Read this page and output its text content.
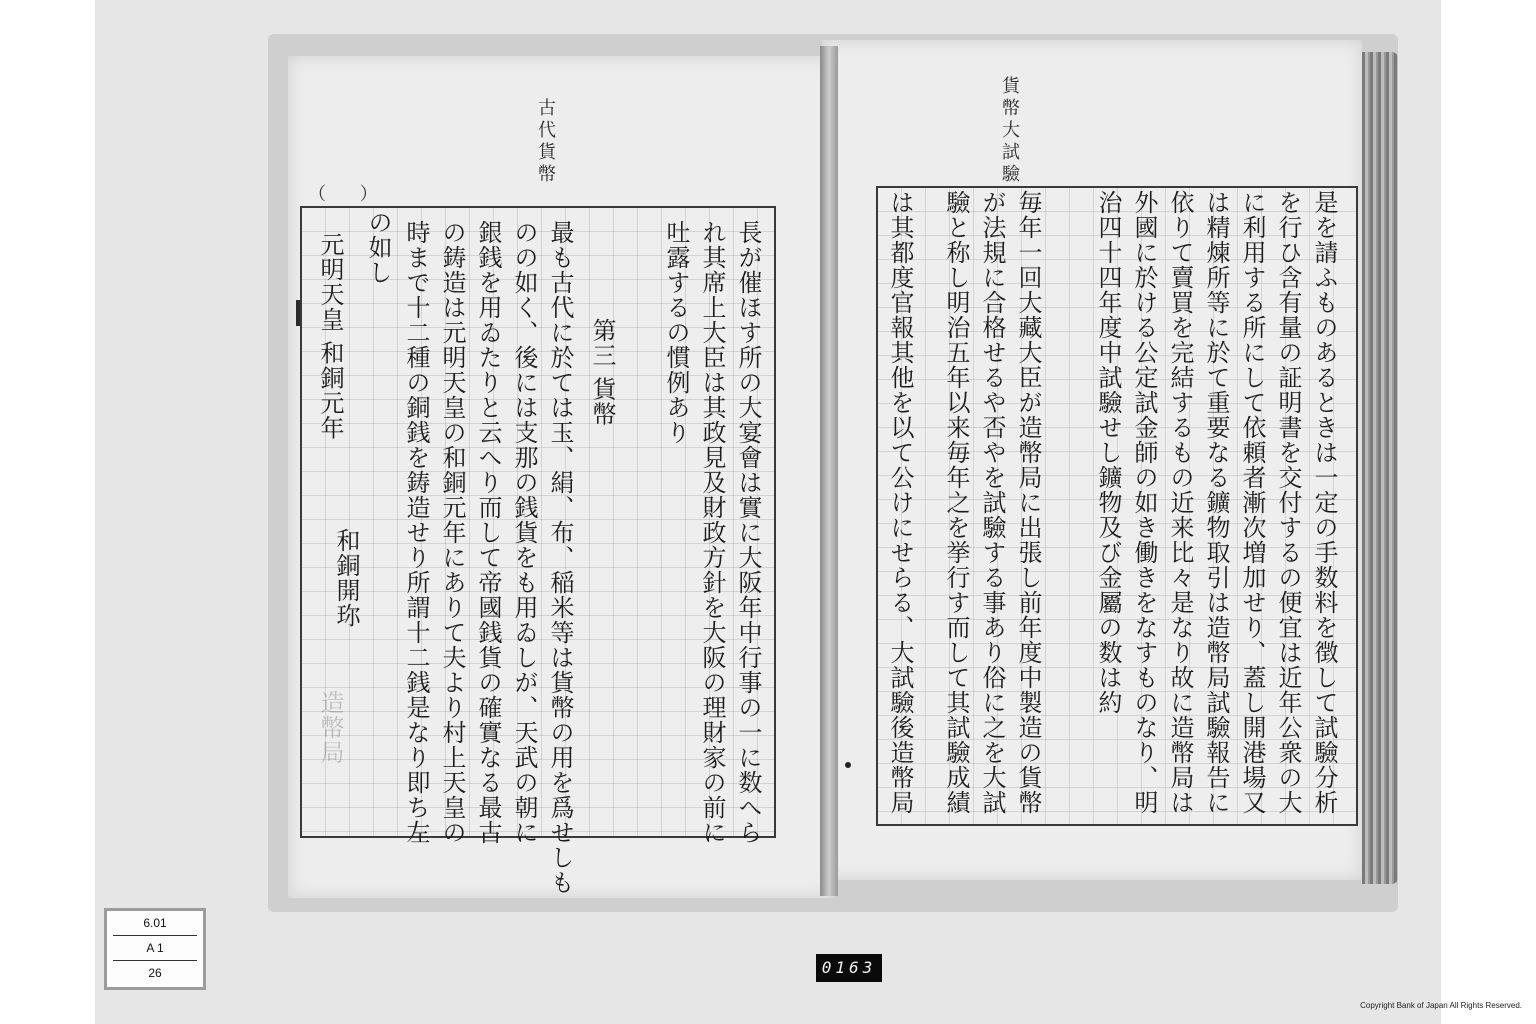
古代貨幣
（ ）
長が催ほす所の大宴會は實に大阪年中行事の一に数へら
れ其席上大臣は其政見及財政方針を大阪の理財家の前に
吐露するの慣例あり
第三 貨幣
最も古代に於ては玉、絹、布、稲米等は貨幣の用を爲せしも
のの如く、後には支那の銭貨をも用ゐしが、天武の朝に
銀銭を用ゐたりと云へり而して帝國銭貨の確實なる最古
の鋳造は元明天皇の和銅元年にありて夫より村上天皇の
時まで十二種の銅銭を鋳造せり所謂十二銭是なり即ち左
の如し
元明天皇 和銅元年
和銅開珎
造幣局
貨幣大試驗
是を請ふものあるときは一定の手数料を徴して試驗分析
を行ひ含有量の証明書を交付するの便宜は近年公衆の大
に利用する所にして依頼者漸次増加せり、蓋し開港場又
は精煉所等に於て重要なる鑛物取引は造幣局試驗報告に
依りて賣買を完結するもの近来比々是なり故に造幣局は
外國に於ける公定試金師の如き働きをなすものなり、明
治四十四年度中試驗せし鑛物及び金屬の数は約
毎年一回大藏大臣が造幣局に出張し前年度中製造の貨幣
が法規に合格せるや否やを試驗する事あり俗に之を大試
驗と称し明治五年以来毎年之を挙行す而して其試驗成績
は其都度官報其他を以て公けにせらる、大試驗後造幣局
6.01
A 1
26	0163
Copyright Bank of Japan All Rights Reserved.
